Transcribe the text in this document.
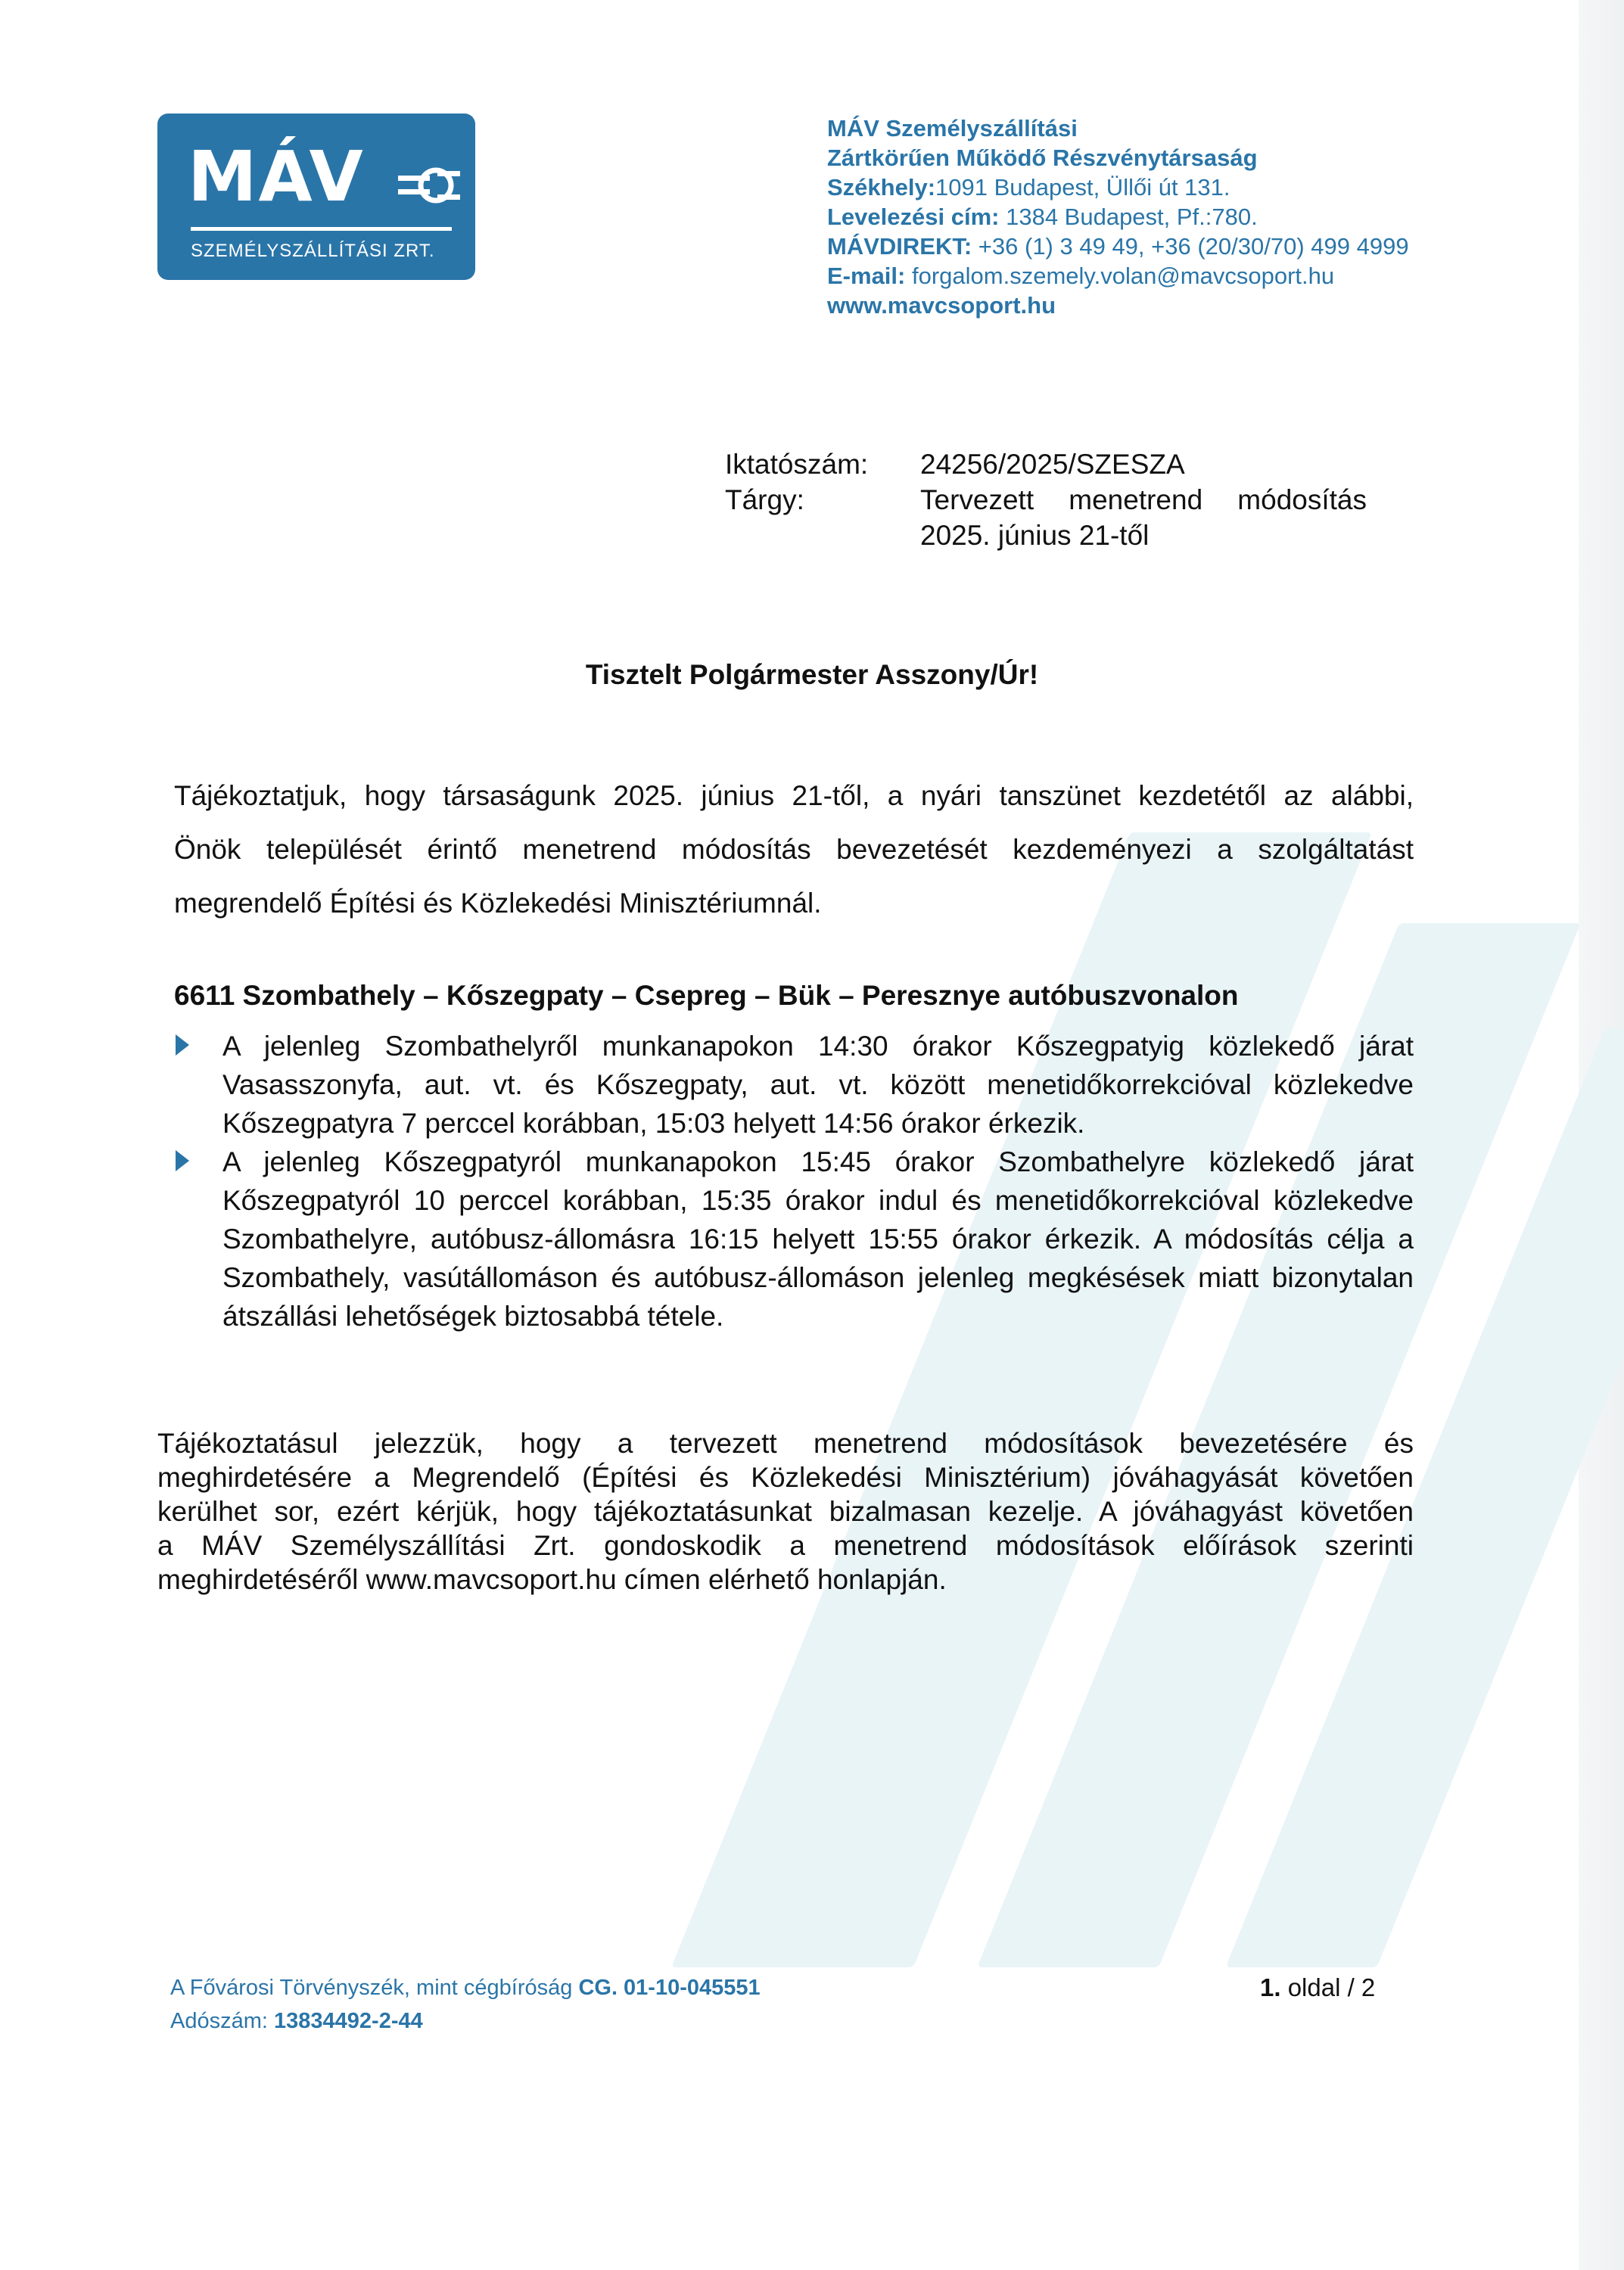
MÁV
SZEMÉLYSZÁLLÍTÁSI ZRT.
MÁV Személyszállítási
Zártkörűen Működő Részvénytársaság
Székhely:1091 Budapest, Üllői út 131.
Levelezési cím: 1384 Budapest, Pf.:780.
MÁVDIREKT: +36 (1) 3 49 49, +36 (20/30/70) 499 4999
E-mail: forgalom.szemely.volan@mavcsoport.hu
www.mavcsoport.hu
Iktatószám: 24256/2025/SZESZA
Tárgy:	Tervezett menetrend módosítás
2025. június 21-től
Tisztelt Polgármester Asszony/Úr!
Tájékoztatjuk, hogy társaságunk 2025. június 21-től, a nyári tanszünet kezdetétől az alábbi,
Önök települését érintő menetrend módosítás bevezetését kezdeményezi a szolgáltatást
megrendelő Építési és Közlekedési Minisztériumnál.
6611 Szombathely – Kőszegpaty – Csepreg – Bük – Peresznye autóbuszvonalon
A jelenleg Szombathelyről munkanapokon 14:30 órakor Kőszegpatyig közlekedő járat
Vasasszonyfa, aut. vt. és Kőszegpaty, aut. vt. között menetidőkorrekcióval közlekedve
Kőszegpatyra 7 perccel korábban, 15:03 helyett 14:56 órakor érkezik.
A jelenleg Kőszegpatyról munkanapokon 15:45 órakor Szombathelyre közlekedő járat
Kőszegpatyról 10 perccel korábban, 15:35 órakor indul és menetidőkorrekcióval közlekedve
Szombathelyre, autóbusz-állomásra 16:15 helyett 15:55 órakor érkezik. A módosítás célja a
Szombathely, vasútállomáson és autóbusz-állomáson jelenleg megkésések miatt bizonytalan
átszállási lehetőségek biztosabbá tétele.
Tájékoztatásul jelezzük, hogy a tervezett menetrend módosítások bevezetésére és
meghirdetésére a Megrendelő (Építési és Közlekedési Minisztérium) jóváhagyását követően
kerülhet sor, ezért kérjük, hogy tájékoztatásunkat bizalmasan kezelje. A jóváhagyást követően
a MÁV Személyszállítási Zrt. gondoskodik a menetrend módosítások előírások szerinti
meghirdetéséről www.mavcsoport.hu címen elérhető honlapján.
A Fővárosi Törvényszék, mint cégbíróság CG. 01-10-045551
Adószám: 13834492-2-44
1. oldal / 2
